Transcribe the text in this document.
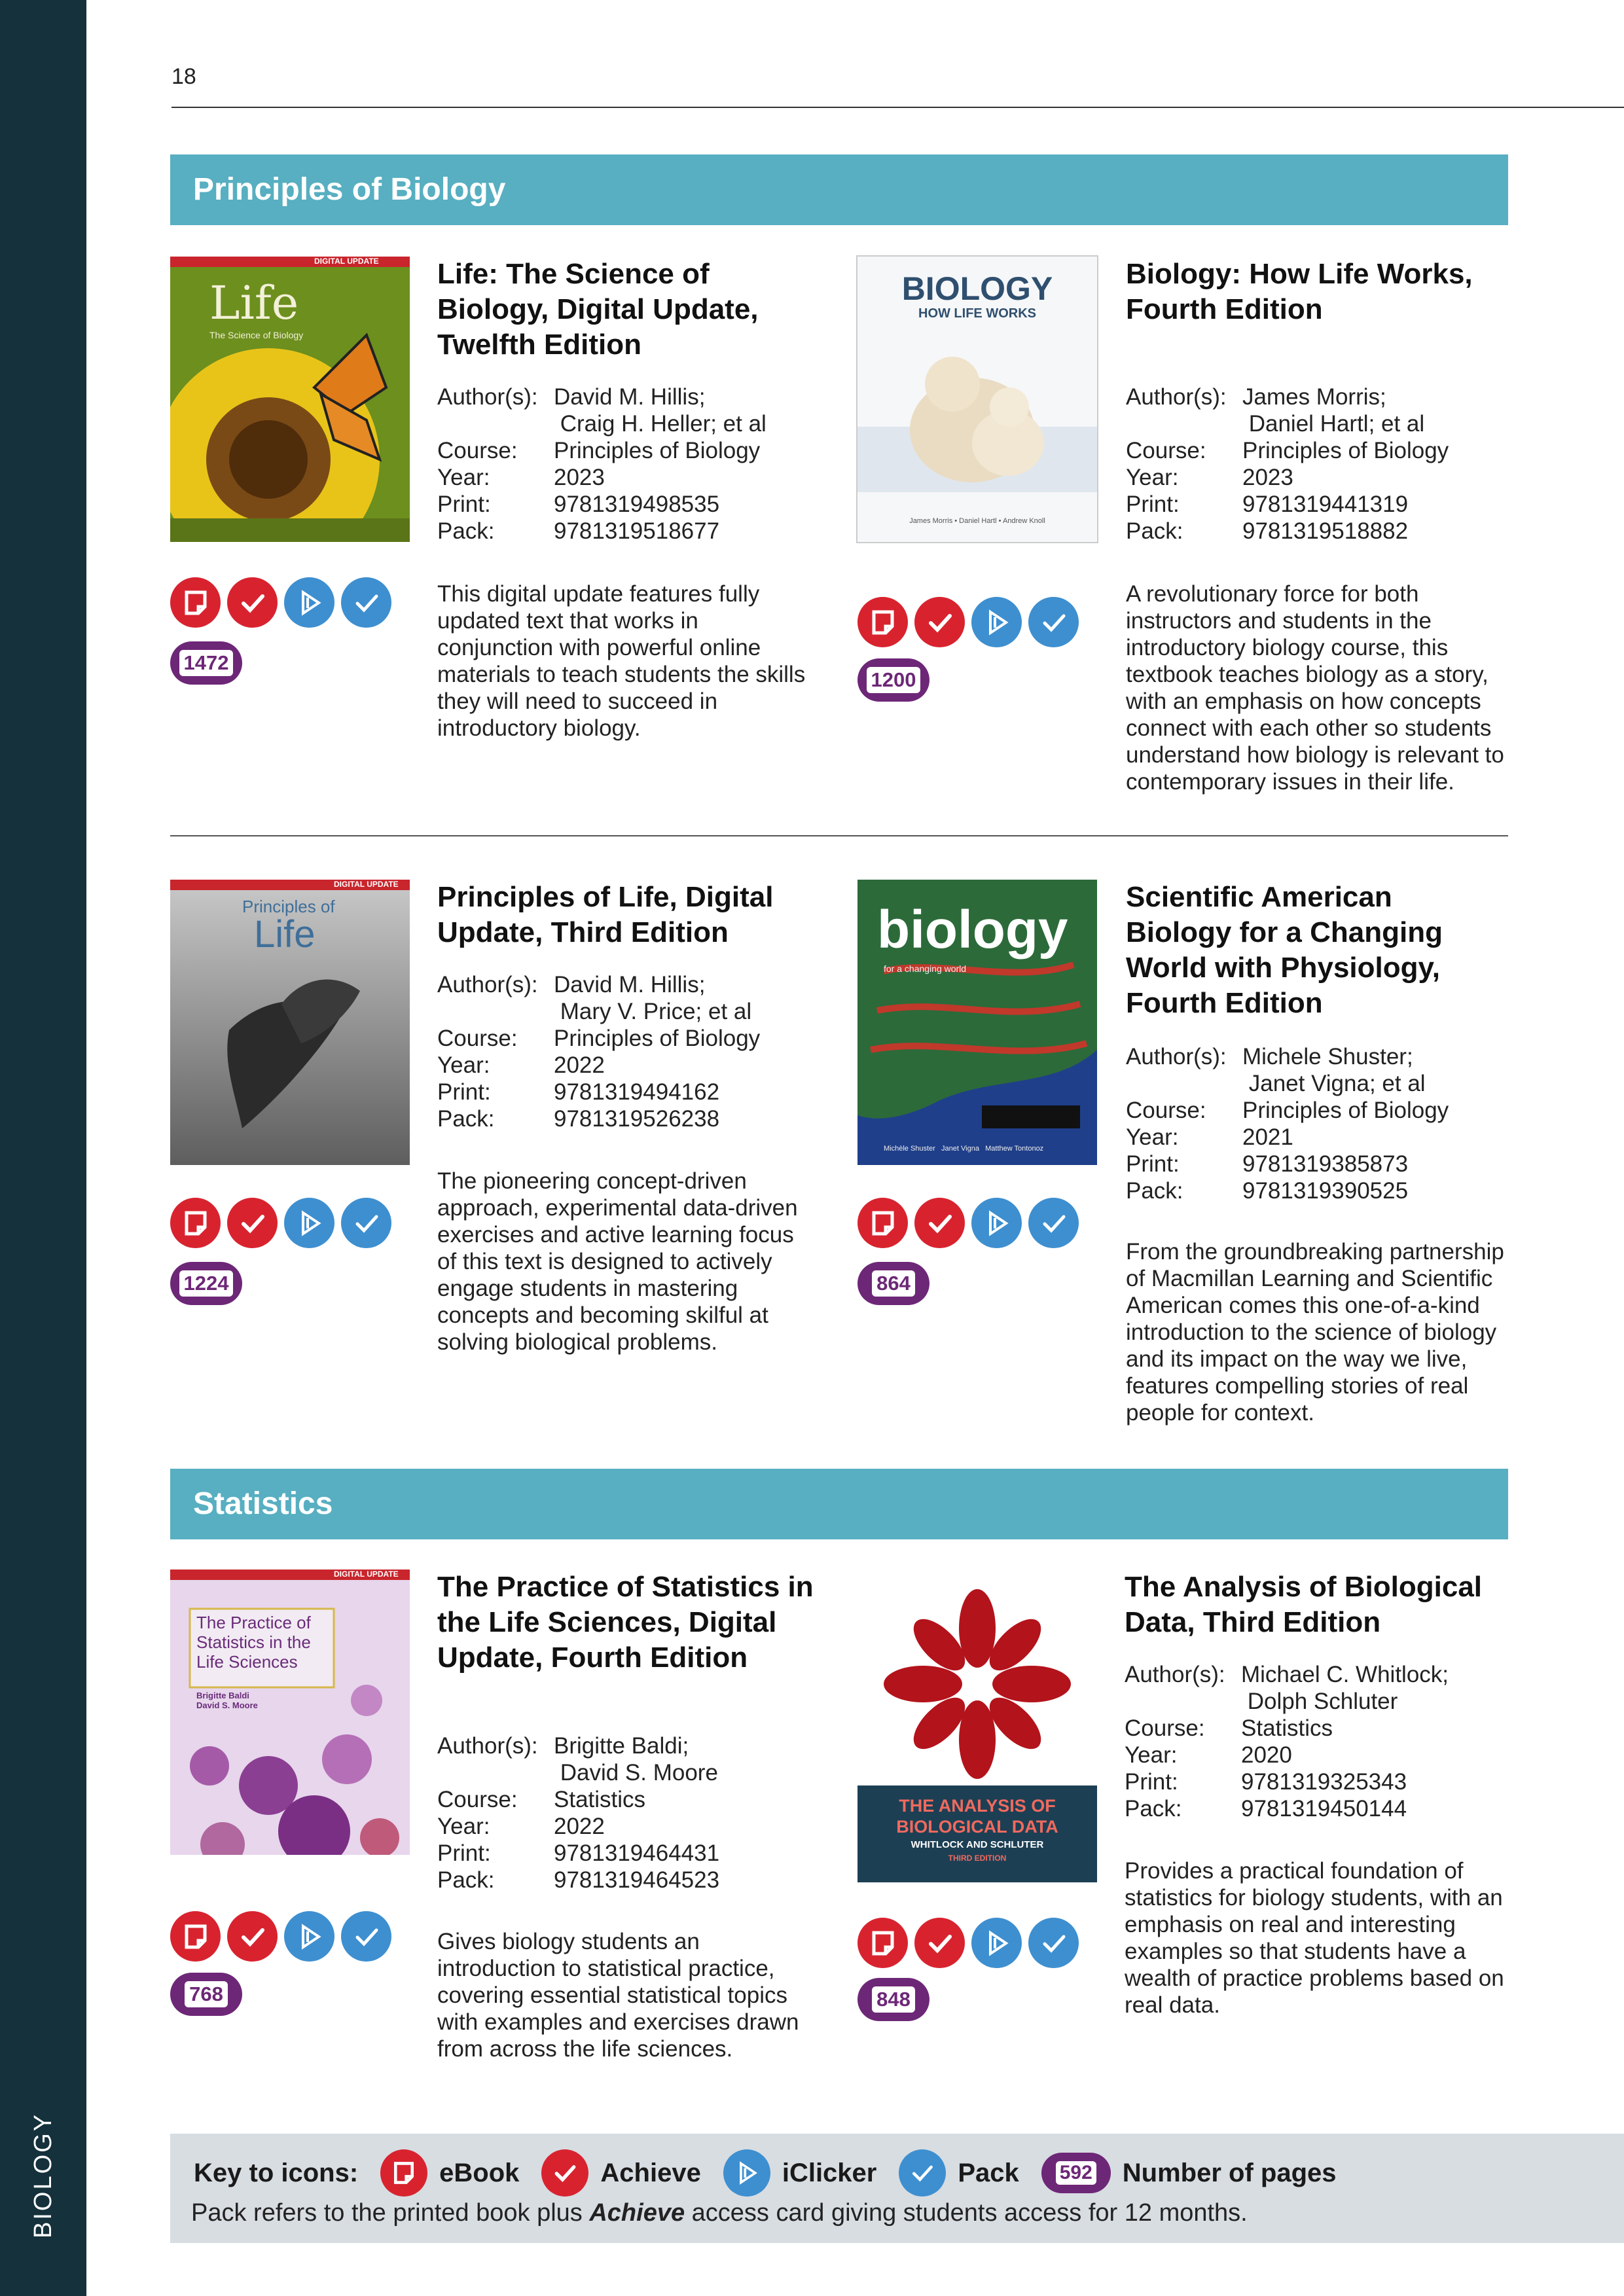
BIOLOGY
18
Principles of Biology
Statistics
DIGITAL UPDATE
Life
The Science of Biology
Life: The Science of Biology, Digital Update, Twelfth Edition
Author(s): David M. Hillis;
Craig H. Heller; et al
Course:	Principles of Biology
Year:	2023
Print:	9781319498535
Pack:	9781319518677
This digital update features fully updated text that works in conjunction with powerful online materials to teach students the skills they will need to succeed in introductory biology.
1472
BIOLOGY
HOW LIFE WORKS
James Morris • Daniel Hartl • Andrew Knoll
Biology: How Life Works, Fourth Edition
Author(s): James Morris;
Daniel Hartl; et al
Course:	Principles of Biology
Year:	2023
Print:	9781319441319
Pack:	9781319518882
A revolutionary force for both instructors and students in the introductory biology course, this textbook teaches biology as a story, with an emphasis on how concepts connect with each other so students understand how biology is relevant to contemporary issues in their life.
1200
DIGITAL UPDATE
Principles of
Life
Principles of Life, Digital Update, Third Edition
Author(s): David M. Hillis;
Mary V. Price; et al
Course:	Principles of Biology
Year:	2022
Print:	9781319494162
Pack:	9781319526238
The pioneering concept-driven approach, experimental data-driven exercises and active learning focus of this text is designed to actively engage students in mastering concepts and becoming skilful at solving biological problems.
1224
biology
for a changing world
Michèle Shuster   Janet Vigna   Matthew Tontonoz
Scientific American Biology for a Changing World with Physiology, Fourth Edition
Author(s): Michele Shuster;
Janet Vigna; et al
Course:	Principles of Biology
Year:	2021
Print:	9781319385873
Pack:	9781319390525
From the groundbreaking partnership of Macmillan Learning and Scientific American comes this one-of-a-kind introduction to the science of biology and its impact on the way we live, features compelling stories of real people for context.
864
DIGITAL UPDATE
The Practice of Statistics in the Life Sciences
Brigitte Baldi
David S. Moore
The Practice of Statistics in the Life Sciences, Digital Update, Fourth Edition
Author(s): Brigitte Baldi;
David S. Moore
Course:	Statistics
Year:	2022
Print:	9781319464431
Pack:	9781319464523
Gives biology students an introduction to statistical practice, covering essential statistical topics with examples and exercises drawn from across the life sciences.
768
THE ANALYSIS OF BIOLOGICAL DATA
WHITLOCK AND SCHLUTER
THIRD EDITION
The Analysis of Biological Data, Third Edition
Author(s): Michael C. Whitlock;
Dolph Schluter
Course:	Statistics
Year:	2020
Print:	9781319325343
Pack:	9781319450144
Provides a practical foundation of statistics for biology students, with an emphasis on real and interesting examples so that students have a wealth of practice problems based on real data.
848
Key to icons:	eBook	Achieve	iClicker	Pack 592 Number of pages
Pack refers to the printed book plus Achieve access card giving students access for 12 months.
